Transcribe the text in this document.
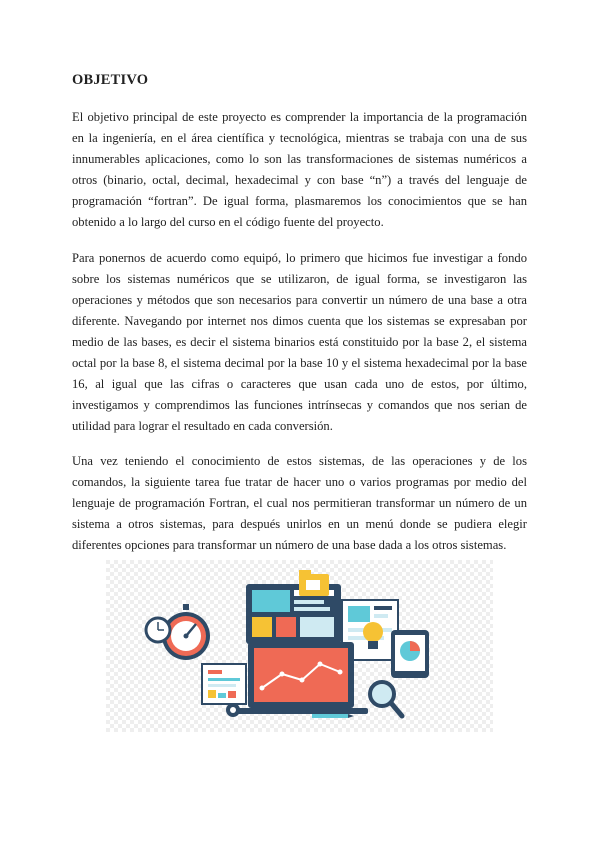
OBJETIVO

El objetivo principal de este proyecto es comprender la importancia de la programación en la ingeniería, en el área científica y tecnológica, mientras se trabaja con una de sus innumerables aplicaciones, como lo son las transformaciones de sistemas numéricos a otros (binario, octal, decimal, hexadecimal y con base “n”) a través del lenguaje de programación “fortran”. De igual forma, plasmaremos los conocimientos que se han obtenido a lo largo del curso en el código fuente del proyecto.

Para ponernos de acuerdo como equipó, lo primero que hicimos fue investigar a fondo sobre los sistemas numéricos que se utilizaron, de igual forma, se investigaron las operaciones y métodos que son necesarios para convertir un número de una base a otra diferente. Navegando por internet nos dimos cuenta que los sistemas se expresaban por medio de las bases, es decir el sistema binarios está constituido por la base 2, el sistema octal por la base 8, el sistema decimal por la base 10 y el sistema hexadecimal por la base 16, al igual que las cifras o caracteres que usan cada uno de estos, por último, investigamos y comprendimos las funciones intrínsecas y comandos que nos serian de utilidad para lograr el resultado en cada conversión.

Una vez teniendo el conocimiento de estos sistemas, de las operaciones y de los comandos, la siguiente tarea fue tratar de hacer uno o varios programas por medio del lenguaje de programación Fortran, el cual nos permitieran transformar un número de un sistema a otros sistemas, para después unirlos en un menú donde se pudiera elegir diferentes opciones para transformar un número de una base dada a los otros sistemas.
